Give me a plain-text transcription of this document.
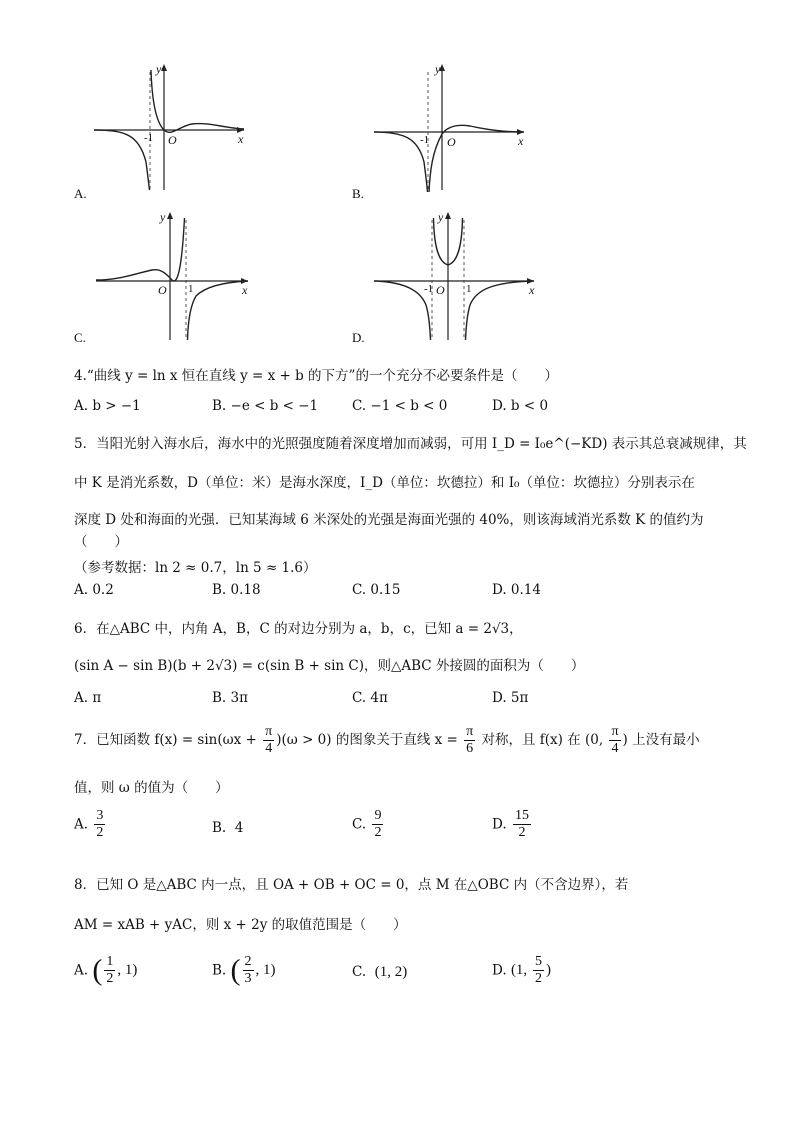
y
x
O
-1
A.
y
x
O
-1
B.
y
x
O 1
C.
y
x
O
-1	1
D.
4.“曲线 y = ln x 恒在直线 y = x + b 的下方”的一个充分不必要条件是（　　）
A. b > −1	B. −e < b < −1	C. −1 < b < 0	D. b < 0
5．当阳光射入海水后，海水中的光照强度随着深度增加而减弱，可用 I_D = I₀e^(−KD) 表示其总衰减规律，其
中 K 是消光系数，D（单位：米）是海水深度，I_D（单位：坎德拉）和 I₀（单位：坎德拉）分别表示在
深度 D 处和海面的光强．已知某海域 6 米深处的光强是海面光强的 40%，则该海域消光系数 K 的值约为
（　　）
（参考数据：ln 2 ≈ 0.7，ln 5 ≈ 1.6）
A. 0.2	B. 0.18	C. 0.15	D. 0.14
6．在△ABC 中，内角 A，B，C 的对边分别为 a，b，c，已知 a = 2√3，
(sin A − sin B)(b + 2√3) = c(sin B + sin C)，则△ABC 外接圆的面积为（　　）
A. π	B. 3π	C. 4π	D. 5π
7．已知函数 $f(x) = \sin(\omega x + \frac{\pi}{4} )(\omega > 0)$ 的图象关于直线 $x = \frac{\pi}{6}$ 对称，且 f(x) 在 (0, $\frac{\pi}{4}$ ) 上没有最小
值，则 ω 的值为（　　）
A. $\frac{3}{2}$	B. 4	C. $\frac{9}{2}$	D. $\frac{15}{2}$
8．已知 O 是△ABC 内一点，且 OA + OB + OC = 0，点 M 在△OBC 内（不含边界），若
AM = xAB + yAC，则 x + 2y 的取值范围是（　　）
A. ( $\frac{1}{2}$ , 1)	B. ( $\frac{2}{3}$ , 1)	C. (1, 2)	D. (1, $\frac{5}{2}$ )
